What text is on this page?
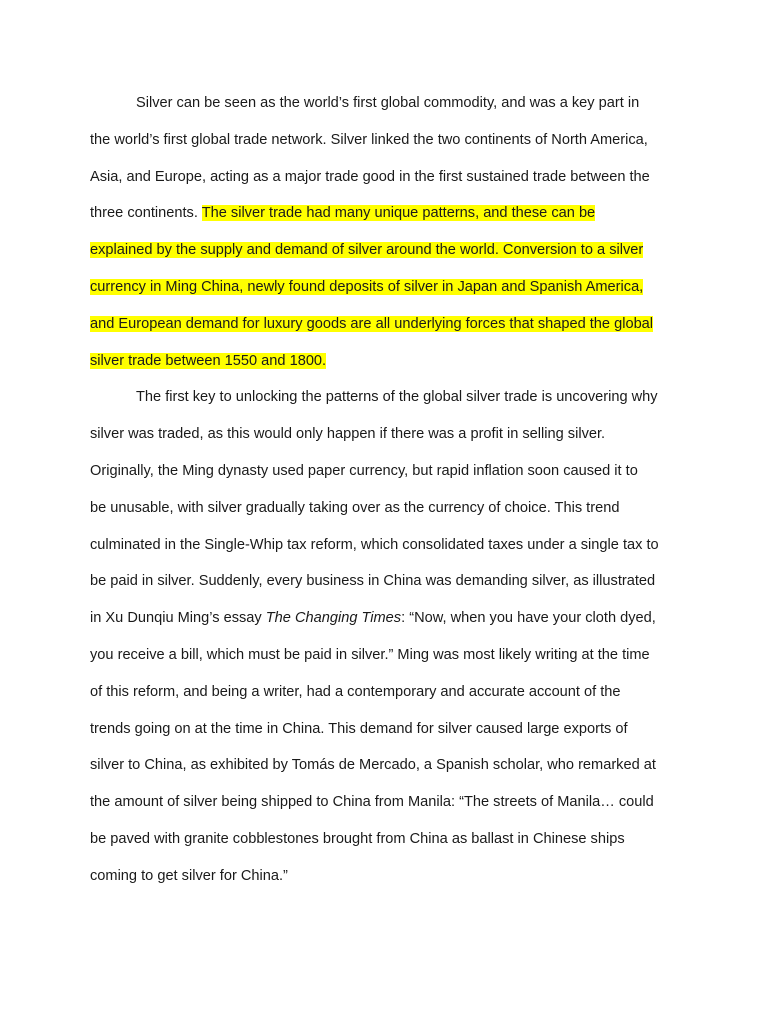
Silver can be seen as the world’s first global commodity, and was a key part in
the world’s first global trade network. Silver linked the two continents of North America,
Asia, and Europe, acting as a major trade good in the first sustained trade between the
three continents. The silver trade had many unique patterns, and these can be
explained by the supply and demand of silver around the world. Conversion to a silver
currency in Ming China, newly found deposits of silver in Japan and Spanish America,
and European demand for luxury goods are all underlying forces that shaped the global
silver trade between 1550 and 1800.
The first key to unlocking the patterns of the global silver trade is uncovering why
silver was traded, as this would only happen if there was a profit in selling silver.
Originally, the Ming dynasty used paper currency, but rapid inflation soon caused it to
be unusable, with silver gradually taking over as the currency of choice. This trend
culminated in the Single-Whip tax reform, which consolidated taxes under a single tax to
be paid in silver. Suddenly, every business in China was demanding silver, as illustrated
in Xu Dunqiu Ming’s essay The Changing Times: “Now, when you have your cloth dyed,
you receive a bill, which must be paid in silver.” Ming was most likely writing at the time
of this reform, and being a writer, had a contemporary and accurate account of the
trends going on at the time in China. This demand for silver caused large exports of
silver to China, as exhibited by Tomás de Mercado, a Spanish scholar, who remarked at
the amount of silver being shipped to China from Manila: “The streets of Manila… could
be paved with granite cobblestones brought from China as ballast in Chinese ships
coming to get silver for China.”
